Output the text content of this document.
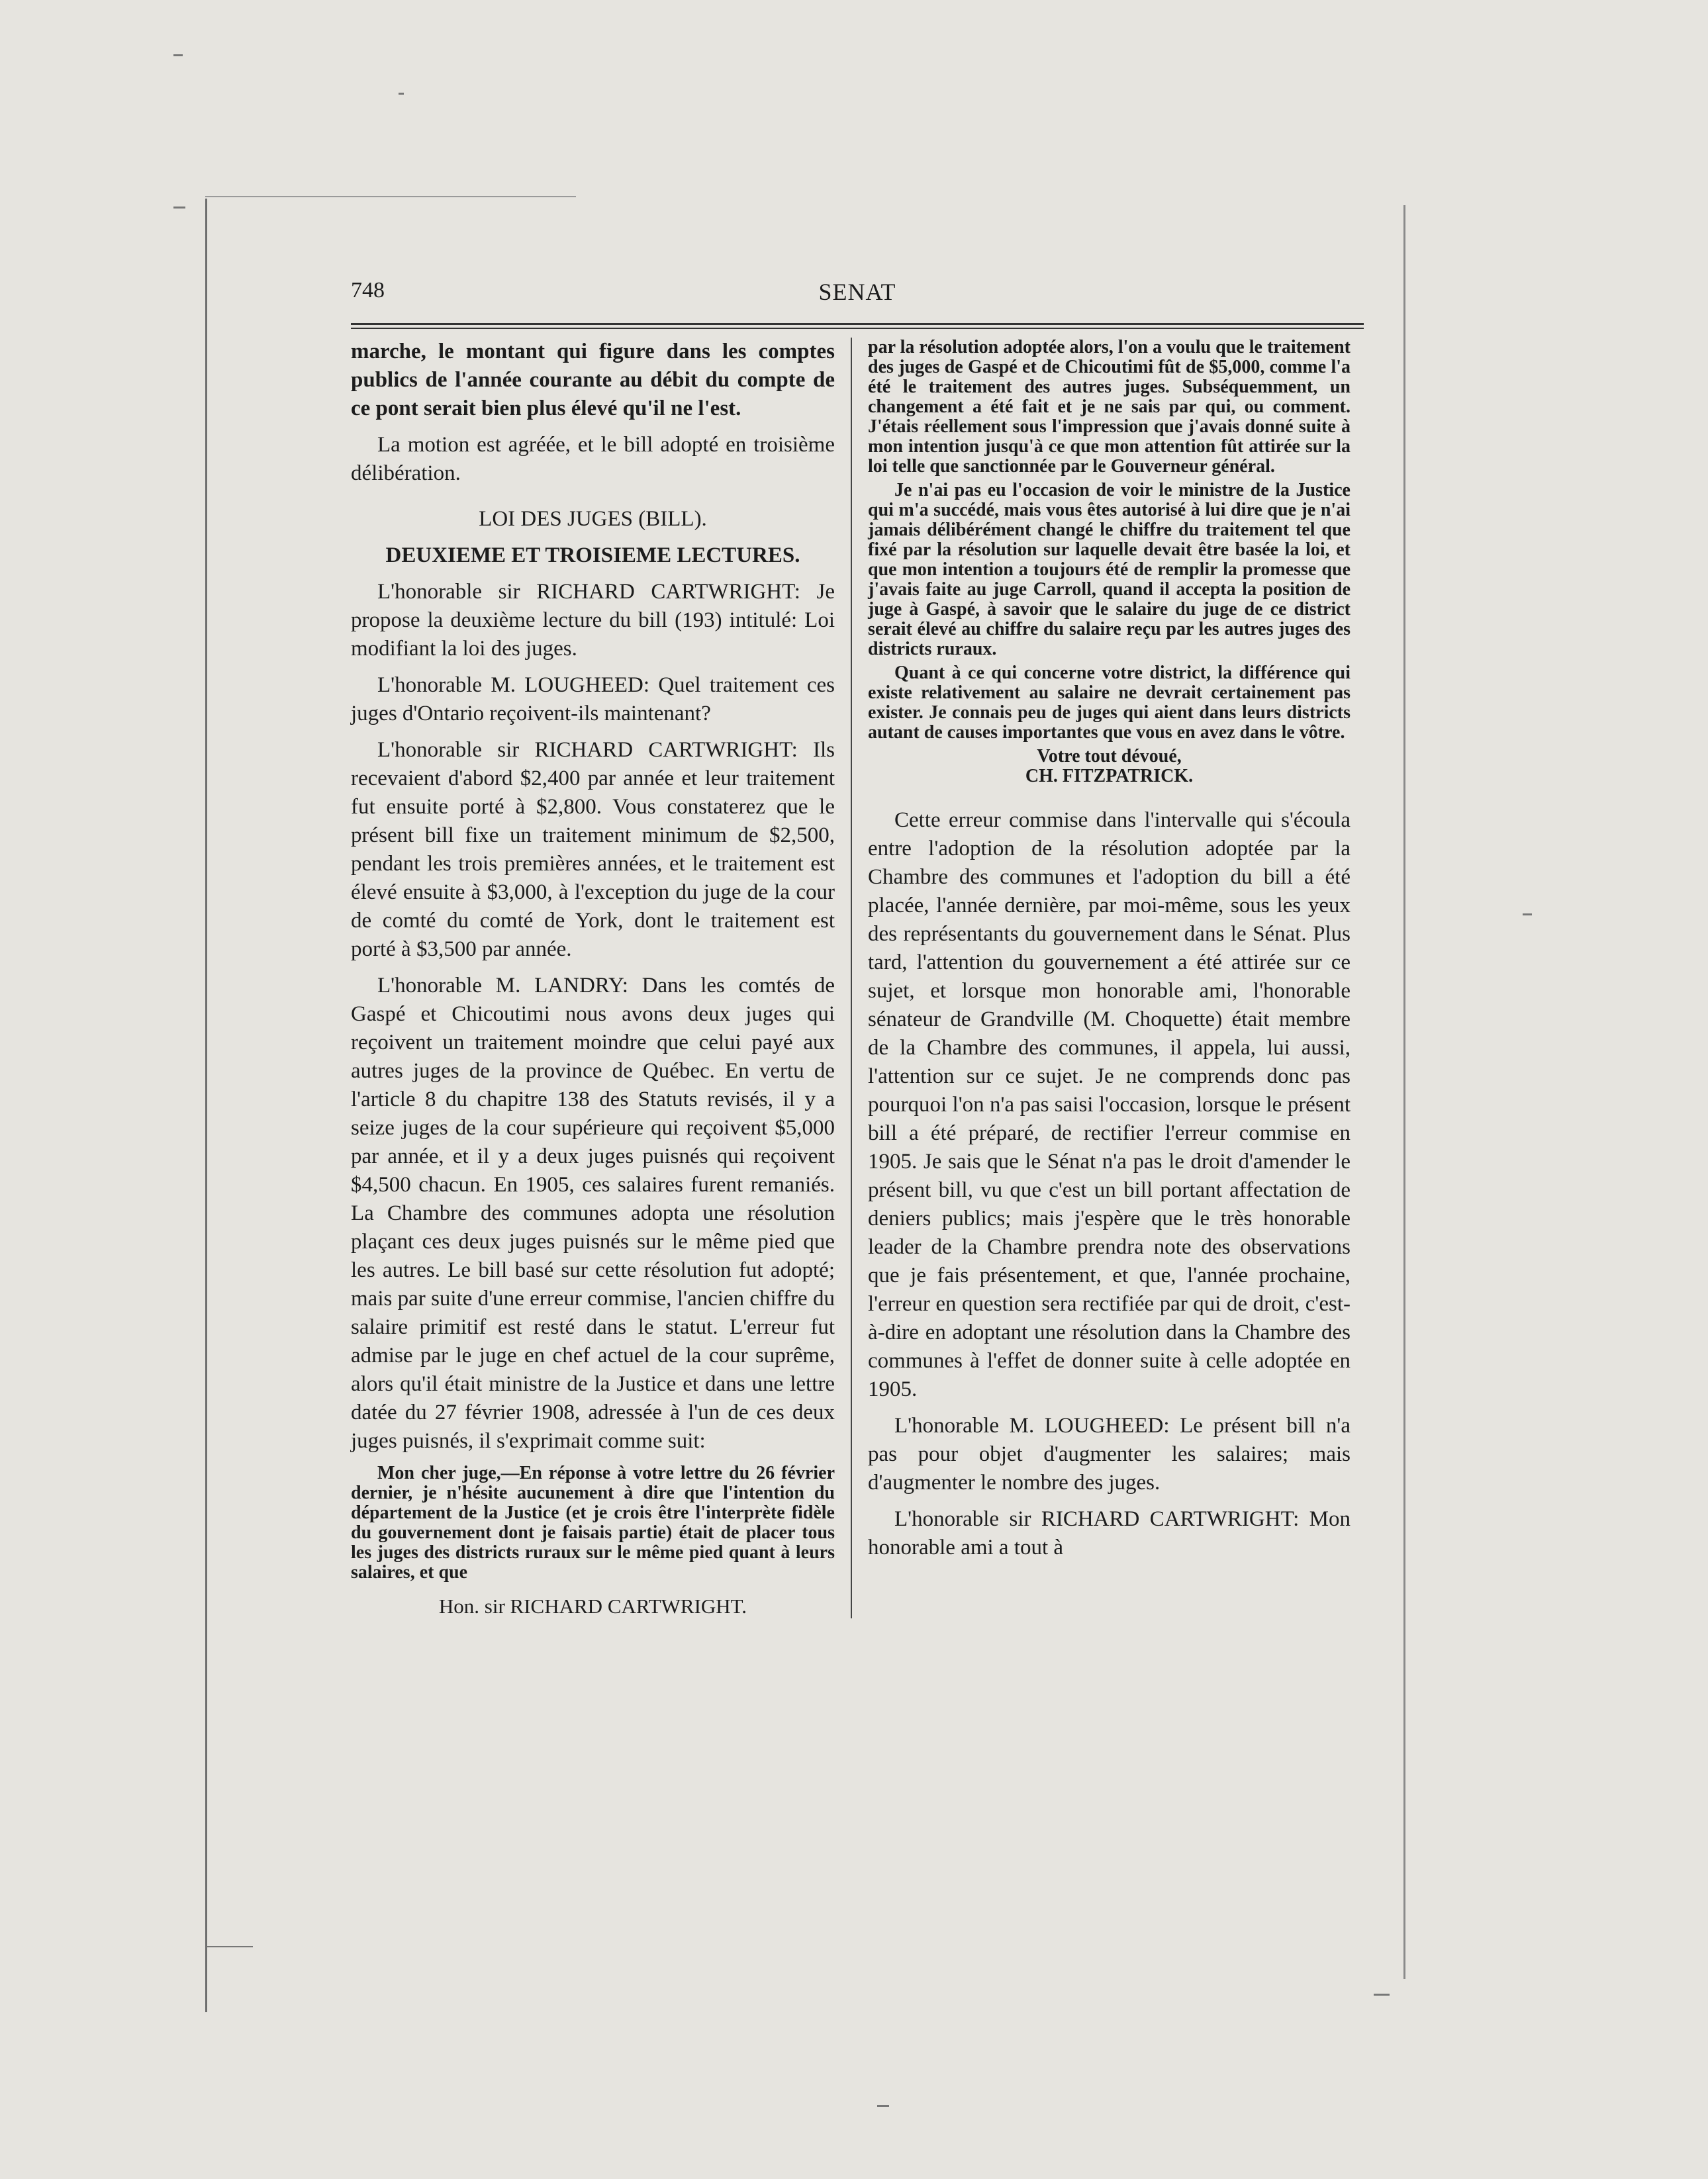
748	SENAT

marche, le montant qui figure dans les comptes publics de l'année courante au débit du compte de ce pont serait bien plus élevé qu'il ne l'est.

La motion est agréée, et le bill adopté en troisième délibération.

LOI DES JUGES (BILL).

DEUXIEME ET TROISIEME LECTURES.

L'honorable sir RICHARD CARTWRIGHT: Je propose la deuxième lecture du bill (193) intitulé: Loi modifiant la loi des juges.

L'honorable M. LOUGHEED: Quel traitement ces juges d'Ontario reçoivent-ils maintenant?

L'honorable sir RICHARD CARTWRIGHT: Ils recevaient d'abord $2,400 par année et leur traitement fut ensuite porté à $2,800. Vous constaterez que le présent bill fixe un traitement minimum de $2,500, pendant les trois premières années, et le traitement est élevé ensuite à $3,000, à l'exception du juge de la cour de comté du comté de York, dont le traitement est porté à $3,500 par année.

L'honorable M. LANDRY: Dans les comtés de Gaspé et Chicoutimi nous avons deux juges qui reçoivent un traitement moindre que celui payé aux autres juges de la province de Québec. En vertu de l'article 8 du chapitre 138 des Statuts revisés, il y a seize juges de la cour supérieure qui reçoivent $5,000 par année, et il y a deux juges puisnés qui reçoivent $4,500 chacun. En 1905, ces salaires furent remaniés. La Chambre des communes adopta une résolution plaçant ces deux juges puisnés sur le même pied que les autres. Le bill basé sur cette résolution fut adopté; mais par suite d'une erreur commise, l'ancien chiffre du salaire primitif est resté dans le statut. L'erreur fut admise par le juge en chef actuel de la cour suprême, alors qu'il était ministre de la Justice et dans une lettre datée du 27 février 1908, adressée à l'un de ces deux juges puisnés, il s'exprimait comme suit:

Mon cher juge,—En réponse à votre lettre du 26 février dernier, je n'hésite aucunement à dire que l'intention du département de la Justice (et je crois être l'interprète fidèle du gouvernement dont je faisais partie) était de placer tous les juges des districts ruraux sur le même pied quant à leurs salaires, et que

Hon. sir RICHARD CARTWRIGHT.

par la résolution adoptée alors, l'on a voulu que le traitement des juges de Gaspé et de Chicoutimi fût de $5,000, comme l'a été le traitement des autres juges. Subséquemment, un changement a été fait et je ne sais par qui, ou comment. J'étais réellement sous l'impression que j'avais donné suite à mon intention jusqu'à ce que mon attention fût attirée sur la loi telle que sanctionnée par le Gouverneur général.

Je n'ai pas eu l'occasion de voir le ministre de la Justice qui m'a succédé, mais vous êtes autorisé à lui dire que je n'ai jamais délibérément changé le chiffre du traitement tel que fixé par la résolution sur laquelle devait être basée la loi, et que mon intention a toujours été de remplir la promesse que j'avais faite au juge Carroll, quand il accepta la position de juge à Gaspé, à savoir que le salaire du juge de ce district serait élevé au chiffre du salaire reçu par les autres juges des districts ruraux.

Quant à ce qui concerne votre district, la différence qui existe relativement au salaire ne devrait certainement pas exister. Je connais peu de juges qui aient dans leurs districts autant de causes importantes que vous en avez dans le vôtre.

Votre tout dévoué,

CH. FITZPATRICK.

Cette erreur commise dans l'intervalle qui s'écoula entre l'adoption de la résolution adoptée par la Chambre des communes et l'adoption du bill a été placée, l'année dernière, par moi-même, sous les yeux des représentants du gouvernement dans le Sénat. Plus tard, l'attention du gouvernement a été attirée sur ce sujet, et lorsque mon honorable ami, l'honorable sénateur de Grandville (M. Choquette) était membre de la Chambre des communes, il appela, lui aussi, l'attention sur ce sujet. Je ne comprends donc pas pourquoi l'on n'a pas saisi l'occasion, lorsque le présent bill a été préparé, de rectifier l'erreur commise en 1905. Je sais que le Sénat n'a pas le droit d'amender le présent bill, vu que c'est un bill portant affectation de deniers publics; mais j'espère que le très honorable leader de la Chambre prendra note des observations que je fais présentement, et que, l'année prochaine, l'erreur en question sera rectifiée par qui de droit, c'est-à-dire en adoptant une résolution dans la Chambre des communes à l'effet de donner suite à celle adoptée en 1905.

L'honorable M. LOUGHEED: Le présent bill n'a pas pour objet d'augmenter les salaires; mais d'augmenter le nombre des juges.

L'honorable sir RICHARD CARTWRIGHT: Mon honorable ami a tout à
